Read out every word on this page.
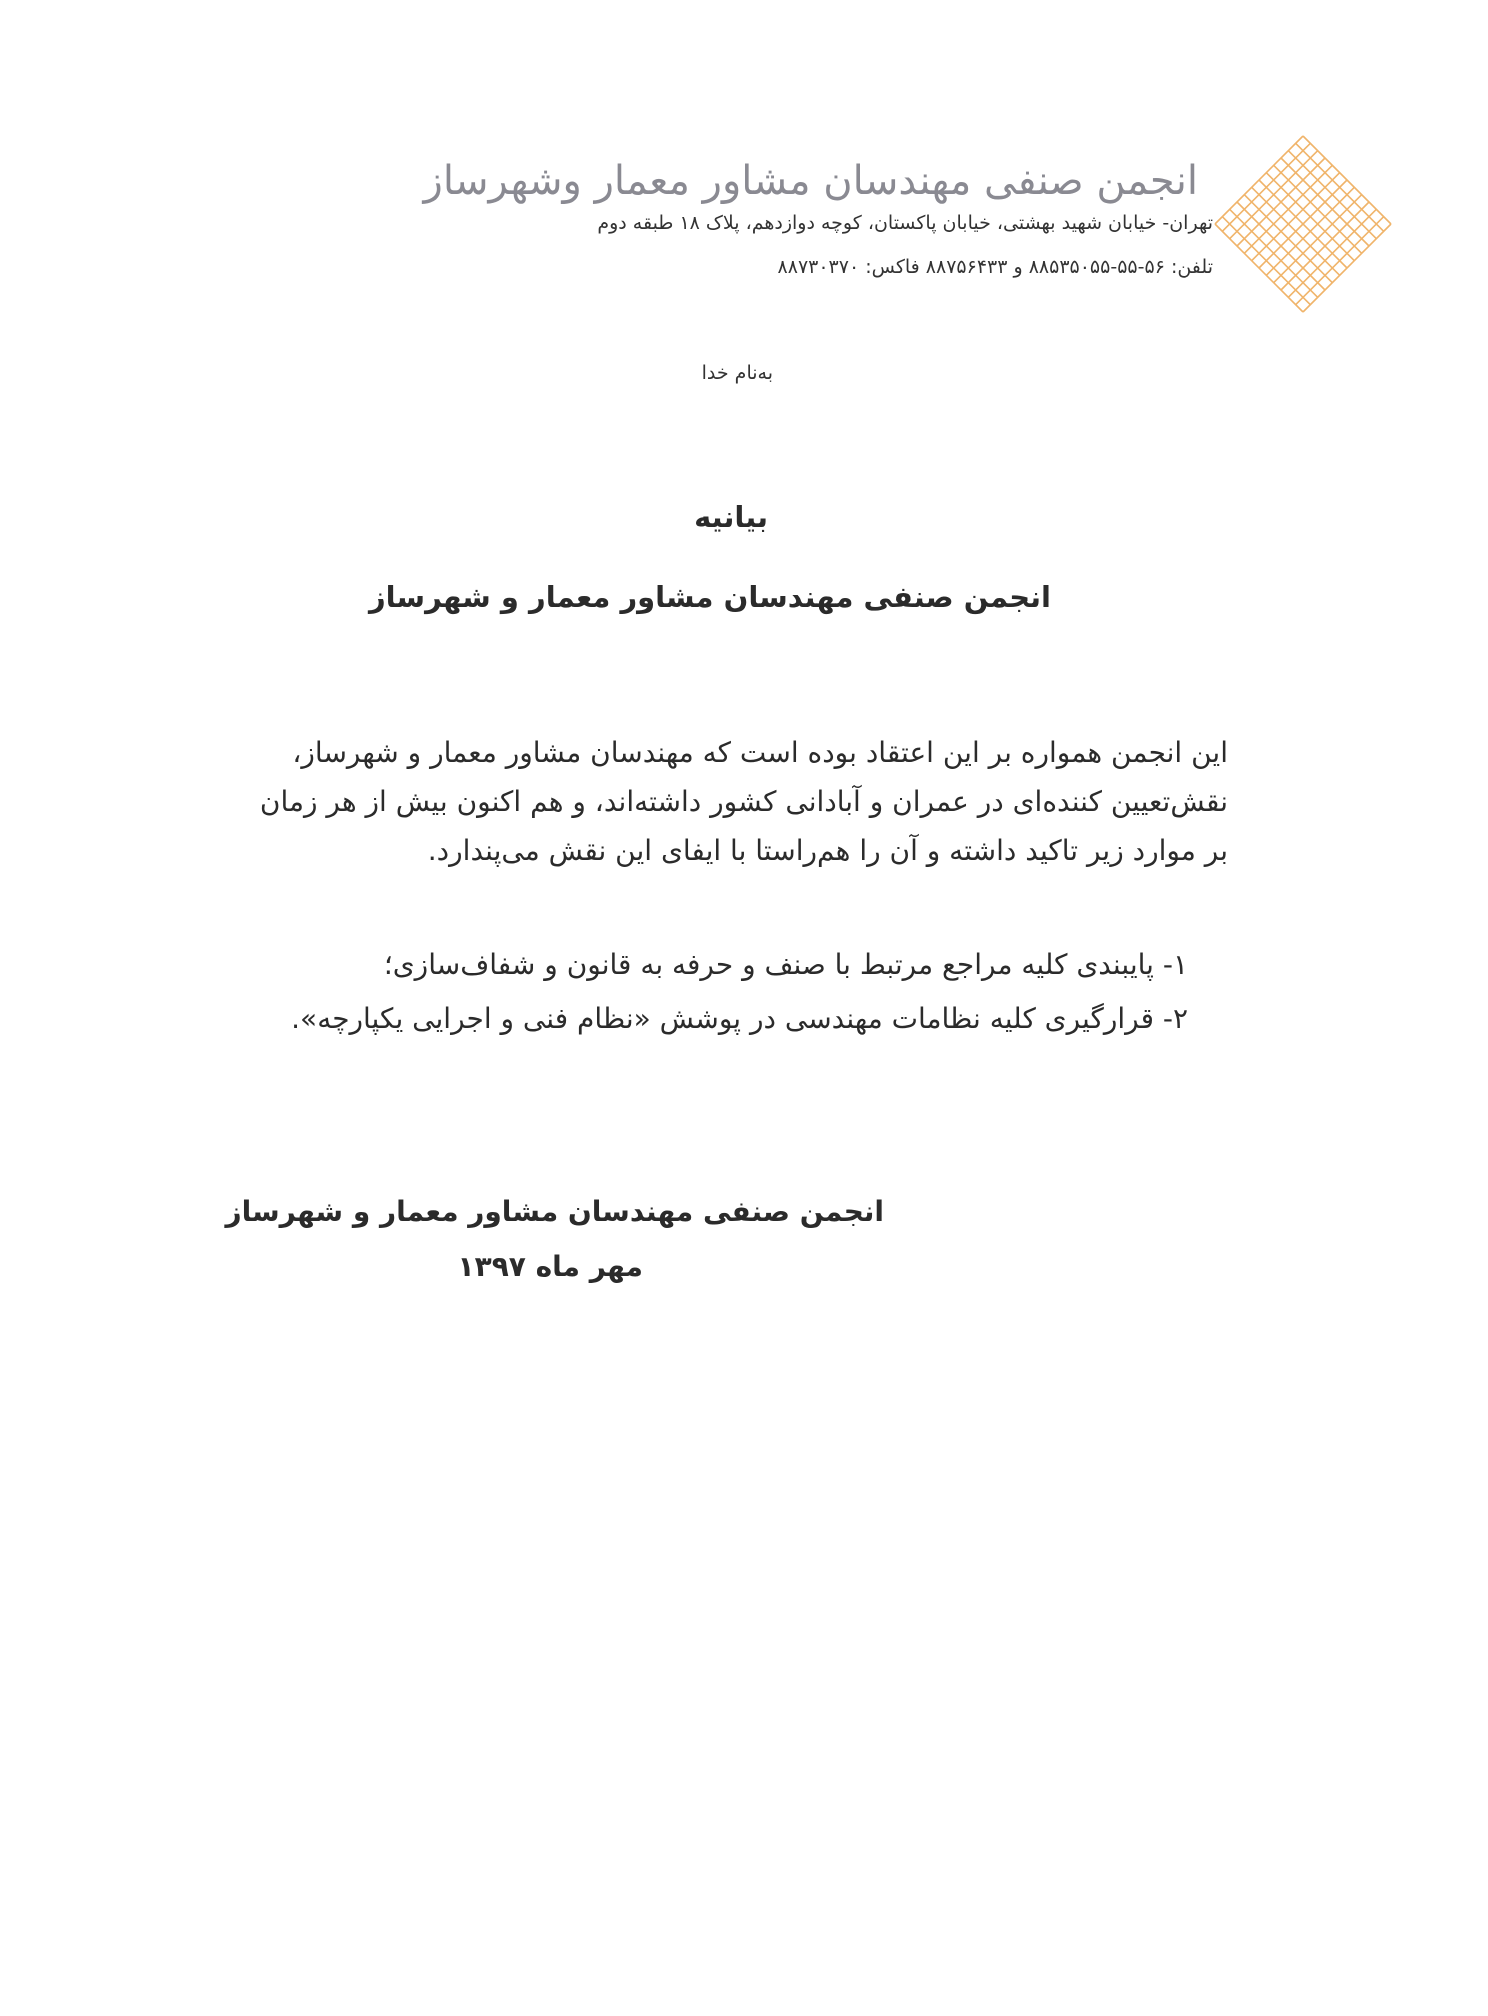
انجمن صنفی مهندسان مشاور معمار وشهرساز
تهران- خیابان شهید بهشتی، خیابان پاکستان، کوچه دوازدهم، پلاک ۱۸ طبقه دوم
تلفن: ۵۶-۵۵-۸۸۵۳۵۰۵۵ و ۸۸۷۵۶۴۳۳ فاکس: ۸۸۷۳۰۳۷۰
به‌نام خدا
بیانیه
انجمن صنفی مهندسان مشاور معمار و شهرساز
این انجمن همواره بر این اعتقاد بوده است که مهندسان مشاور معمار و شهرساز،
نقش‌تعیین کننده‌ای در عمران و آبادانی کشور داشته‌اند، و هم اکنون بیش از هر زمان
بر موارد زیر تاکید داشته و آن را هم‌راستا با ایفای این نقش می‌پندارد.
۱- پایبندی کلیه مراجع مرتبط با صنف و حرفه به قانون و شفاف‌سازی؛
۲- قرارگیری کلیه نظامات مهندسی در پوشش «نظام فنی و اجرایی یکپارچه».
انجمن صنفی مهندسان مشاور معمار و شهرساز
مهر ماه ۱۳۹۷
